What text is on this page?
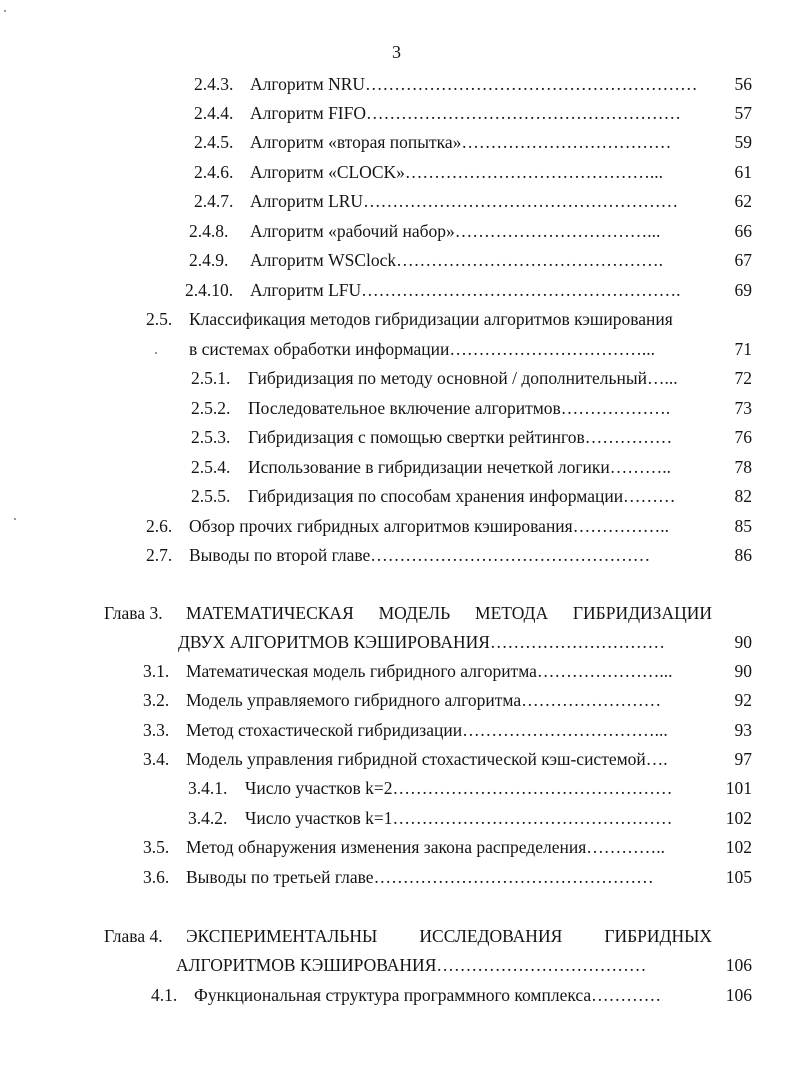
3
2.4.3. Алгоритм NRU…………………………………………………	56
2.4.4. Алгоритм FIFO………………………………………………	57
2.4.5. Алгоритм «вторая попытка»………………………………	59
2.4.6. Алгоритм «CLOCK»……………………………………...	61
2.4.7. Алгоритм LRU………………………………………………	62
2.4.8. Алгоритм «рабочий набор»……………………………...	66
2.4.9. Алгоритм WSClock……………………………………….	67
2.4.10. Алгоритм LFU……………………………………………….	69
2.5. Классификация методов гибридизации алгоритмов кэширования
в системах обработки информации……………………………...	71
2.5.1. Гибридизация по методу основной / дополнительный…...	72
2.5.2. Последовательное включение алгоритмов……………….	73
2.5.3. Гибридизация с помощью свертки рейтингов……………	76
2.5.4. Использование в гибридизации нечеткой логики………..	78
2.5.5. Гибридизация по способам хранения информации………	82
2.6. Обзор прочих гибридных алгоритмов кэширования……………..	85
2.7. Выводы по второй главе…………………………………………	86
Глава 3. МАТЕМАТИЧЕСКАЯ МОДЕЛЬ МЕТОДА ГИБРИДИЗАЦИИ
ДВУХ АЛГОРИТМОВ КЭШИРОВАНИЯ…………………………	90
3.1. Математическая модель гибридного алгоритма…………………...	90
3.2. Модель управляемого гибридного алгоритма……………………	92
3.3. Метод стохастической гибридизации……………………………...	93
3.4. Модель управления гибридной стохастической кэш-системой….	97
3.4.1. Число участков k=2…………………………………………	101
3.4.2. Число участков k=1…………………………………………	102
3.5. Метод обнаружения изменения закона распределения…………..	102
3.6. Выводы по третьей главе…………………………………………	105
Глава 4. ЭКСПЕРИМЕНТАЛЬНЫ ИССЛЕДОВАНИЯ ГИБРИДНЫХ
АЛГОРИТМОВ КЭШИРОВАНИЯ………………………………	106
4.1. Функциональная структура программного комплекса…………	106
